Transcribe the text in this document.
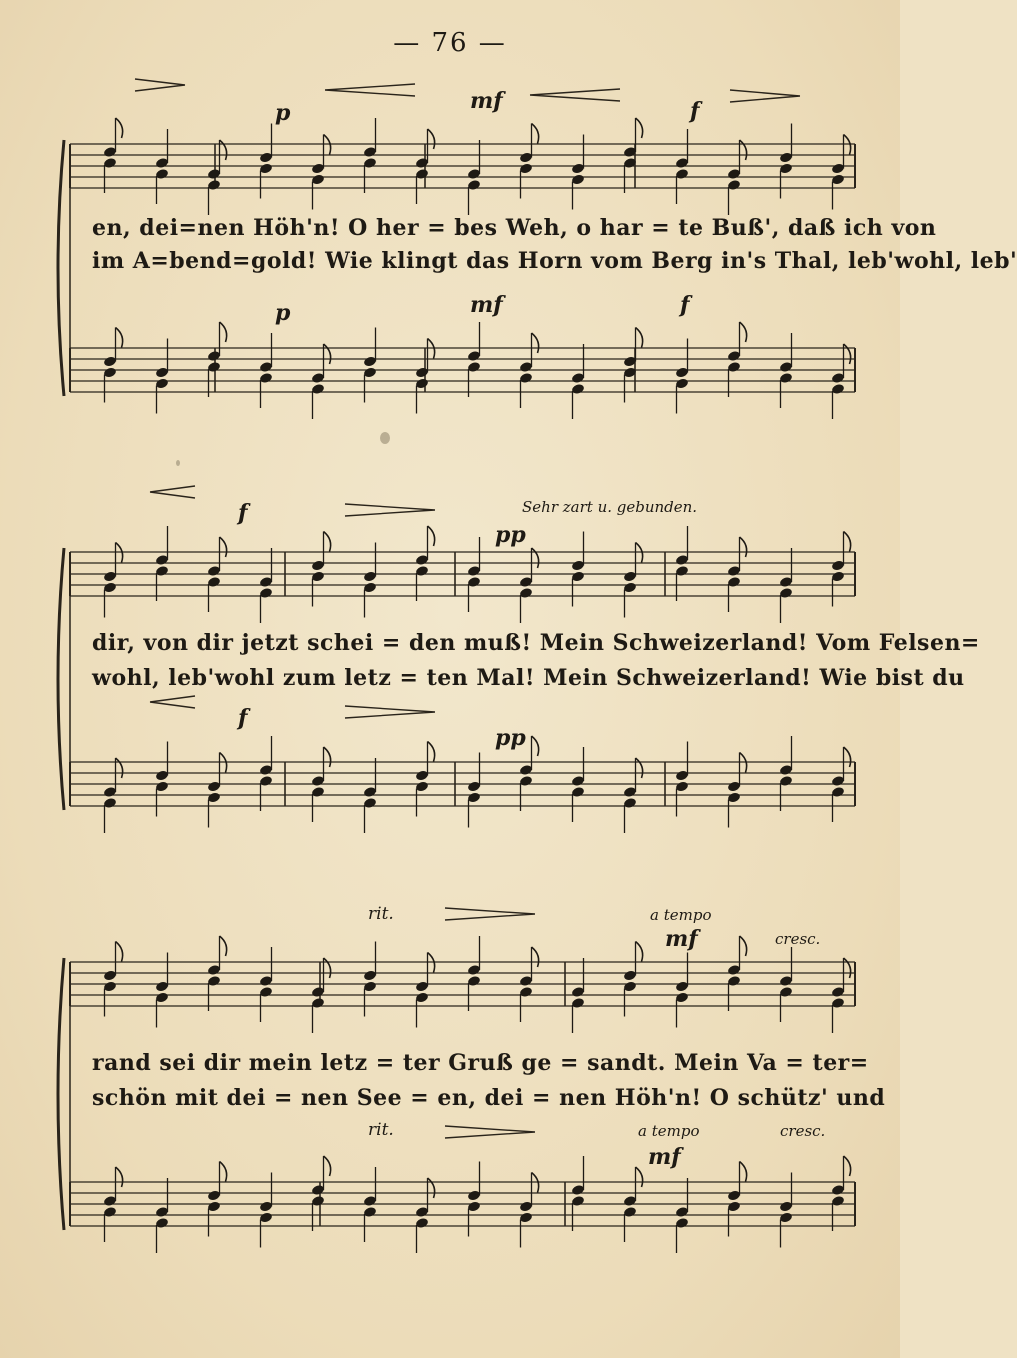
— 76 —
p	mf	f
en, dei=nen Höh'n! O her = bes Weh, o har = te Buß', daß ich von
im A=bend=gold! Wie klingt das Horn vom Berg in's Thal, leb'wohl, leb'
p	mf	f
Sehr zart u. gebunden.
f
pp
dir, von dir jetzt schei = den muß! Mein Schweizerland! Vom Felsen=
wohl, leb'wohl zum letz = ten Mal! Mein Schweizerland! Wie bist du
f
pp
rit.	a tempo
mf	cresc.
rand sei dir mein letz = ter Gruß ge = sandt. Mein Va = ter=
schön mit dei = nen See = en, dei = nen Höh'n! O schütz' und
rit.	a tempo
mf
cresc.
